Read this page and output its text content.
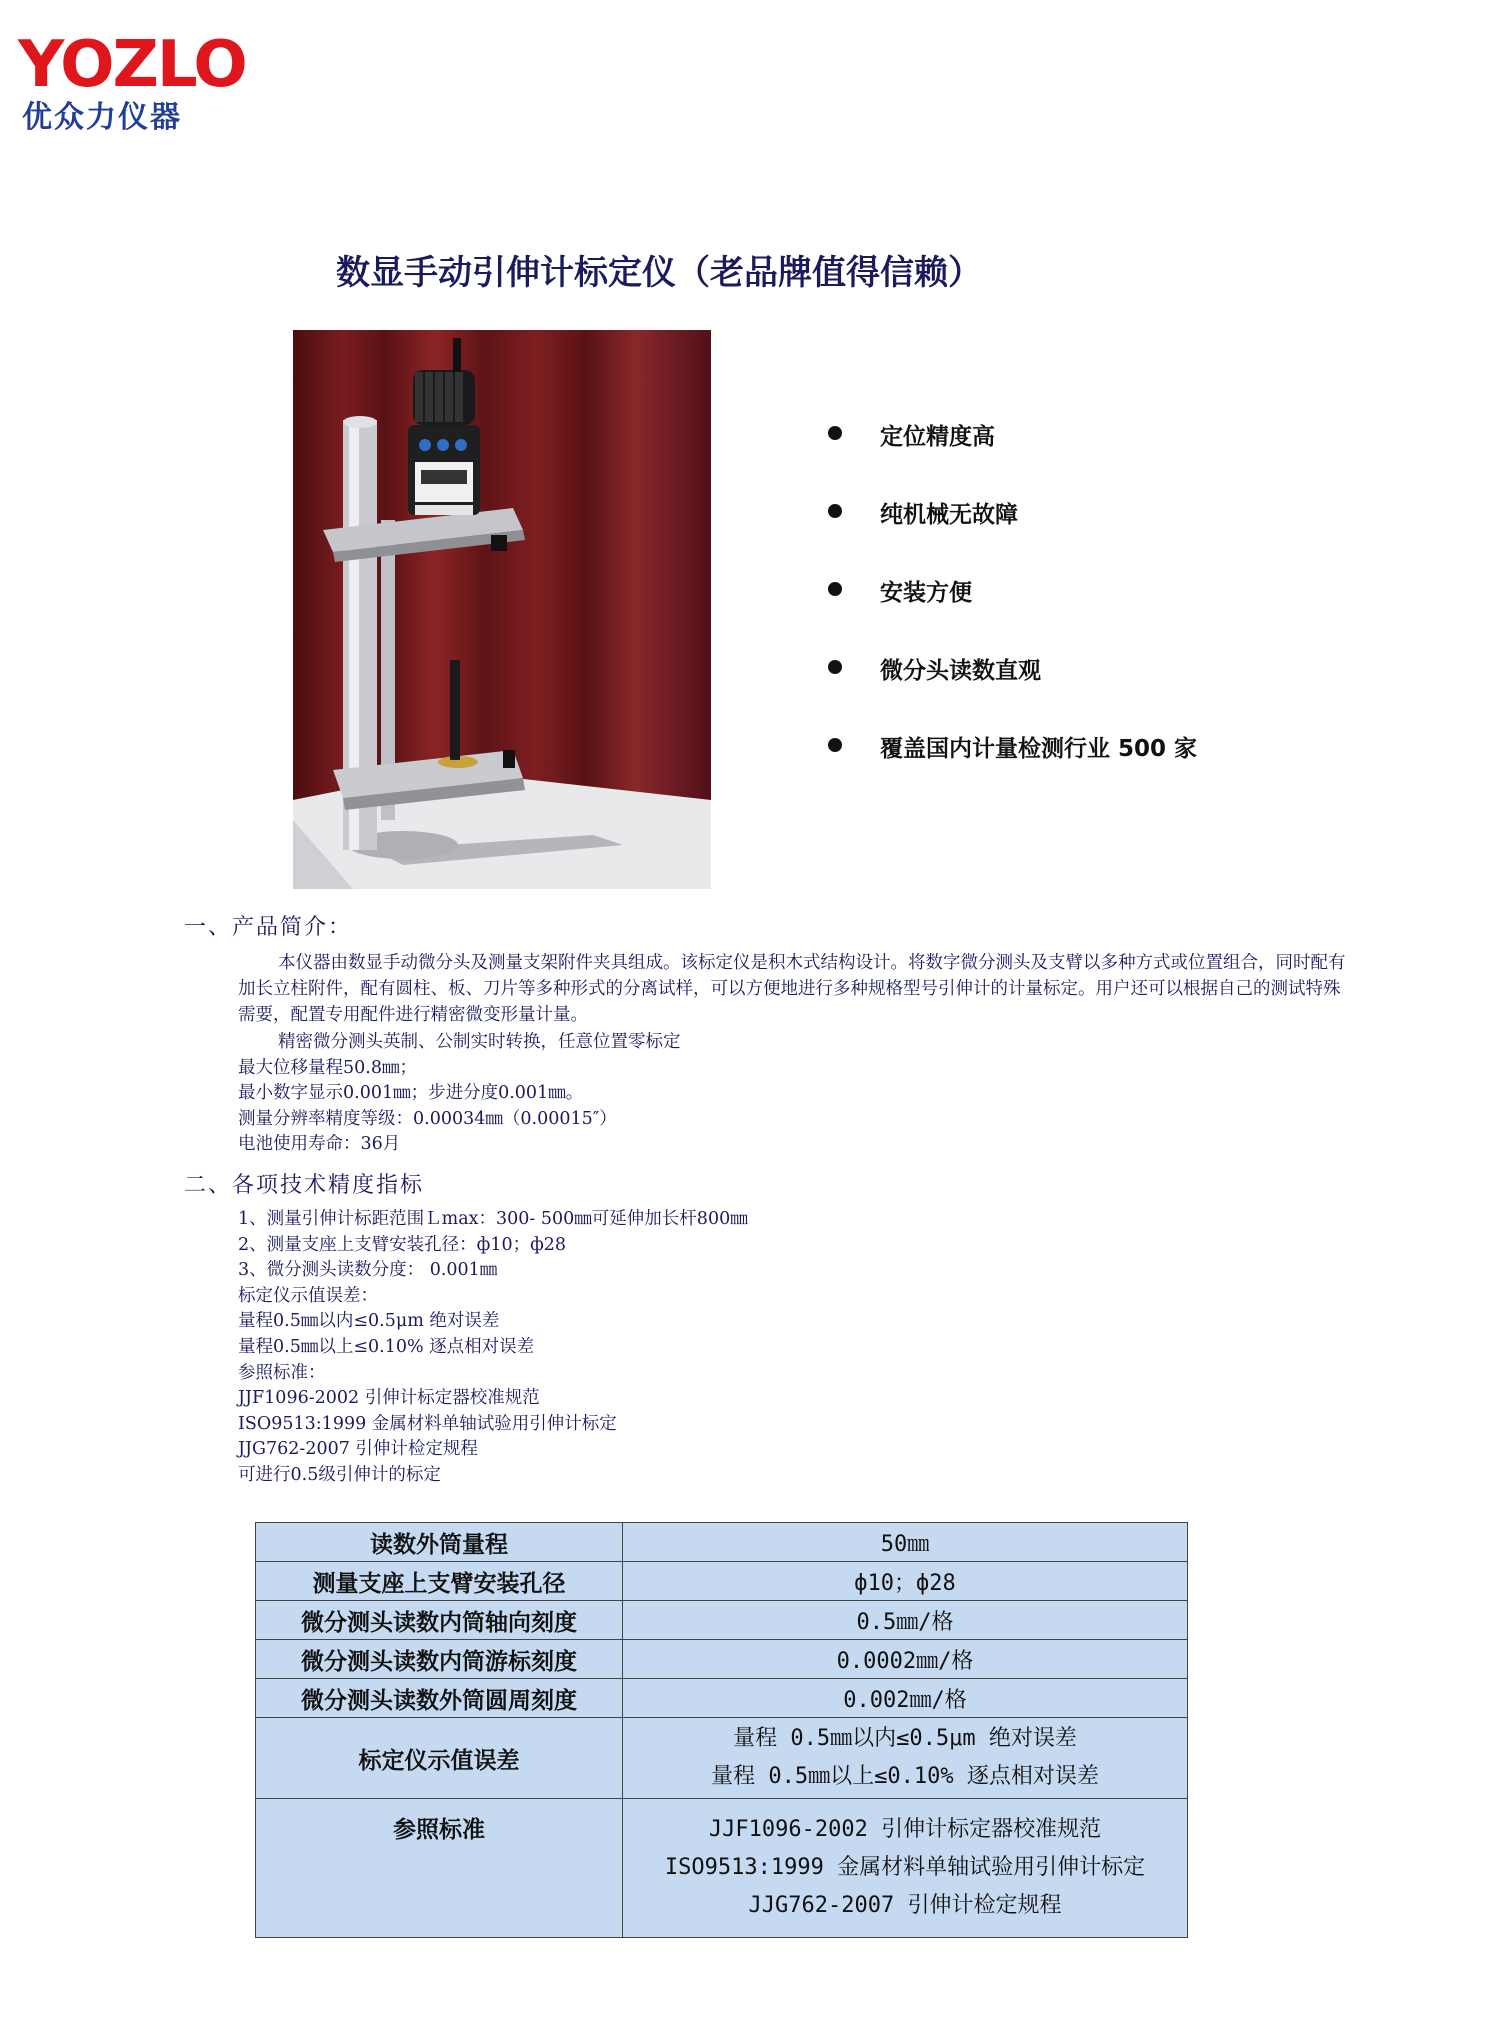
YOZLO
优众力仪器
数显手动引伸计标定仪（老品牌值得信赖）
定位精度高
纯机械无故障
安装方便
微分头读数直观
覆盖国内计量检测行业 500 家
一、产品简介：
本仪器由数显手动微分头及测量支架附件夹具组成。该标定仪是积木式结构设计。将数字微分测头及支臂以多种方式或位置组合，同时配有加长立柱附件，配有圆柱、板、刀片等多种形式的分离试样，可以方便地进行多种规格型号引伸计的计量标定。用户还可以根据自己的测试特殊需要，配置专用配件进行精密微变形量计量。
精密微分测头英制、公制实时转换，任意位置零标定
最大位移量程50.8㎜；
最小数字显示0.001㎜；步进分度0.001㎜。
测量分辨率精度等级：0.00034㎜（0.00015″）
电池使用寿命：36月
二、各项技术精度指标
1、测量引伸计标距范围Ｌmax：300- 500㎜可延伸加长杆800㎜
2、测量支座上支臂安装孔径：ф10；ф28
3、微分测头读数分度： 0.001㎜
标定仪示值误差：
量程0.5㎜以内≤0.5μm 绝对误差
量程0.5㎜以上≤0.10% 逐点相对误差
参照标准：
JJF1096-2002 引伸计标定器校准规范
ISO9513:1999 金属材料单轴试验用引伸计标定
JJG762-2007 引伸计检定规程
可进行0.5级引伸计的标定
读数外筒量程	50㎜
测量支座上支臂安装孔径	ф10；ф28
微分测头读数内筒轴向刻度	0.5㎜/格
微分测头读数内筒游标刻度	0.0002㎜/格
微分测头读数外筒圆周刻度	0.002㎜/格
标定仪示值误差	量程 0.5㎜以内≤0.5μm 绝对误差
量程 0.5㎜以上≤0.10% 逐点相对误差

参照标准	JJF1096-2002 引伸计标定器校准规范
ISO9513:1999 金属材料单轴试验用引伸计标定
JJG762-2007 引伸计检定规程
